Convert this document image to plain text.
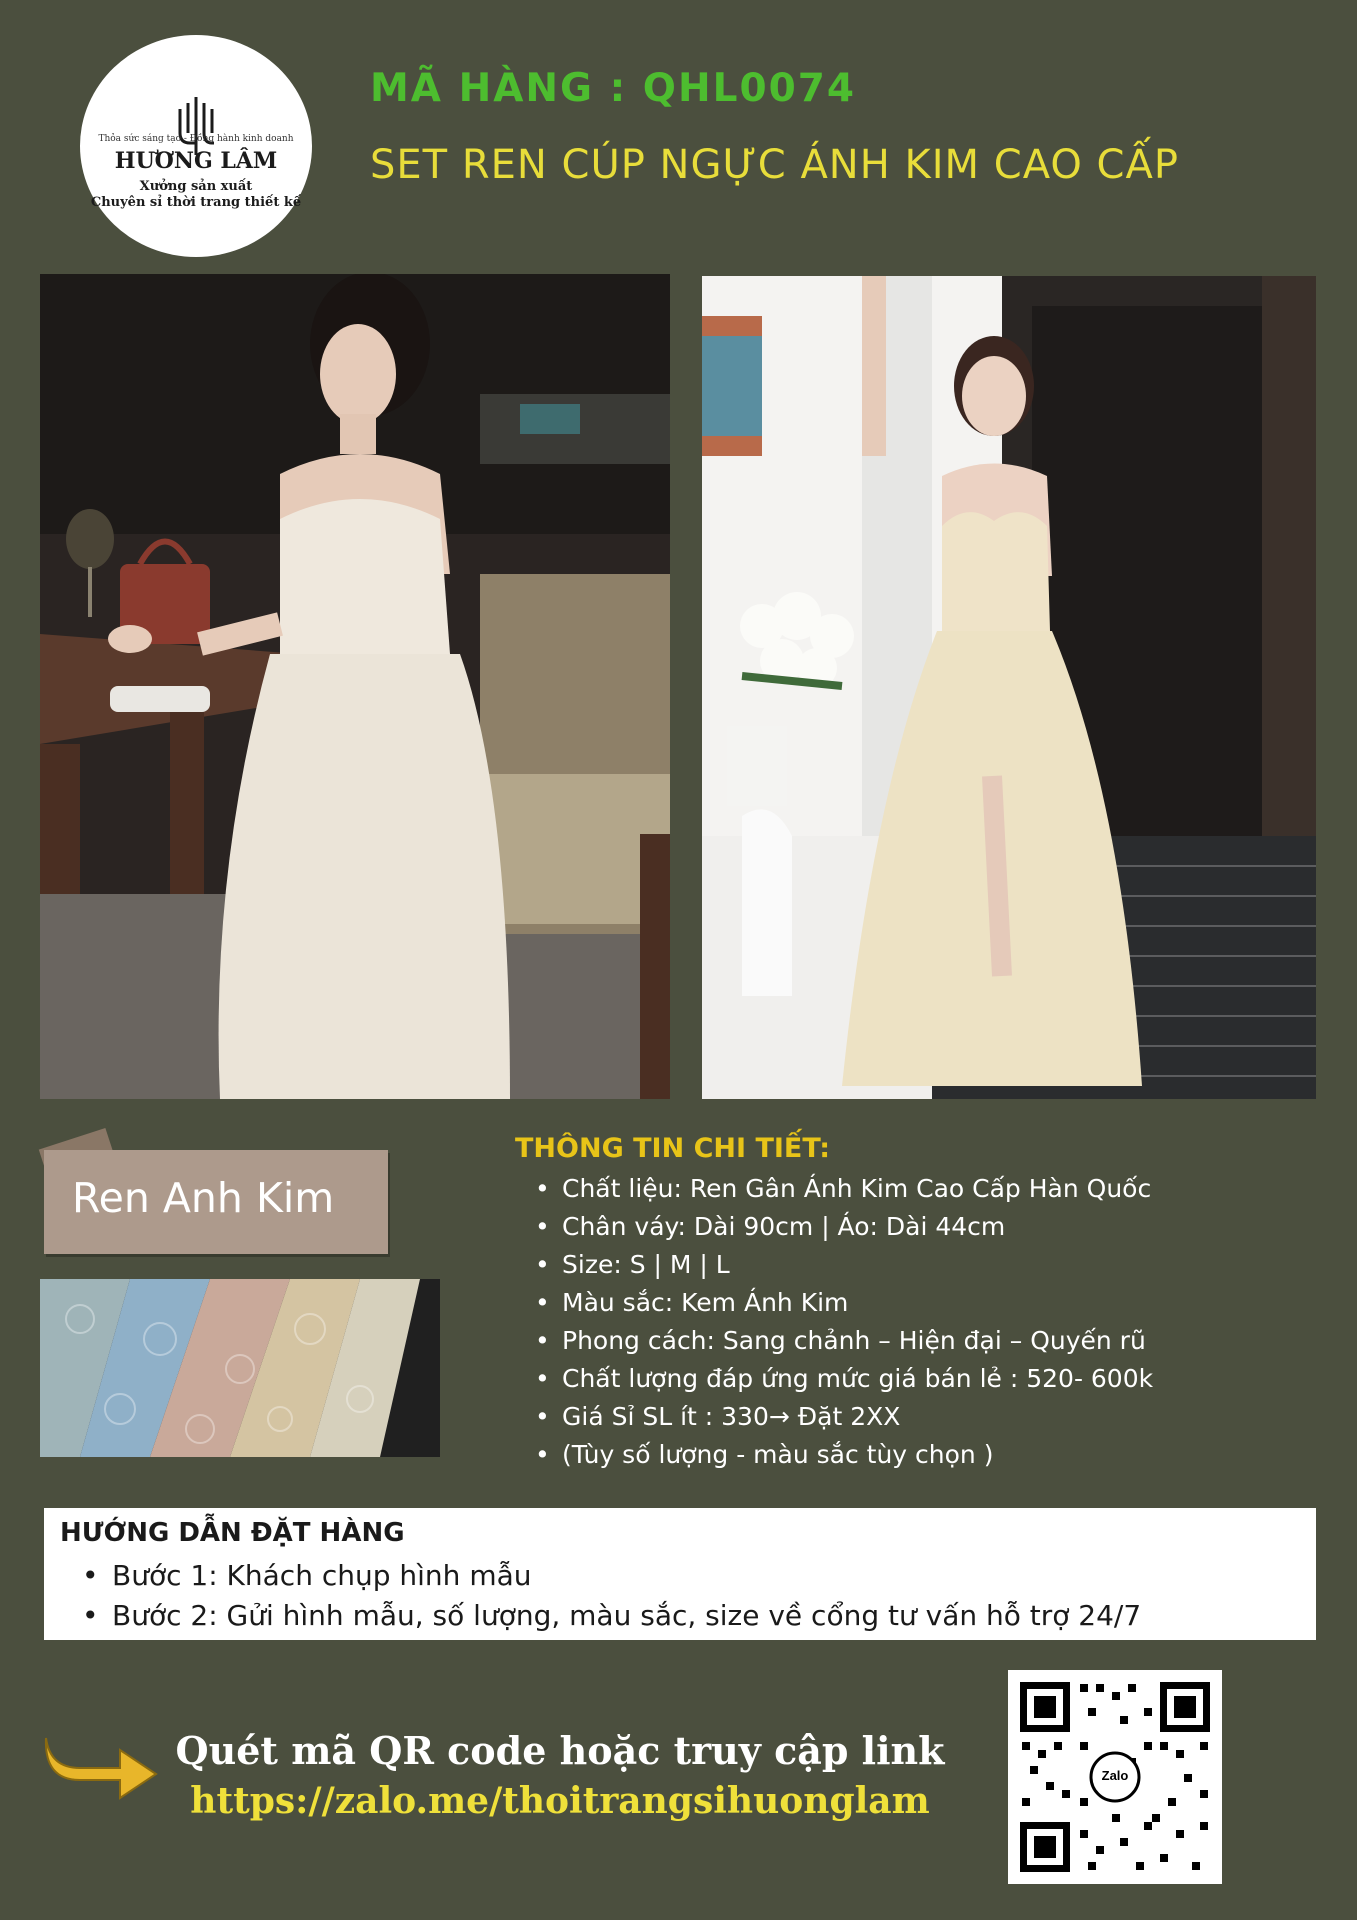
Thỏa sức sáng tạo - Đồng hành kinh doanh
HƯƠNG LÂM
Xưởng sản xuất
Chuyên sỉ thời trang thiết kế
MÃ HÀNG : QHL0074
SET REN CÚP NGỰC ÁNH KIM CAO CẤP
Ren Anh Kim
THÔNG TIN CHI TIẾT:
• Chất liệu: Ren Gân Ánh Kim Cao Cấp Hàn Quốc
• Chân váy: Dài 90cm | Áo: Dài 44cm
• Size: S | M | L
• Màu sắc: Kem Ánh Kim
• Phong cách: Sang chảnh – Hiện đại – Quyến rũ
• Chất lượng đáp ứng mức giá bán lẻ : 520- 600k
• Giá Sỉ SL ít : 330→ Đặt 2XX
• (Tùy số lượng - màu sắc tùy chọn )
HƯỚNG DẪN ĐẶT HÀNG
• Bước 1: Khách chụp hình mẫu
• Bước 2: Gửi hình mẫu, số lượng, màu sắc, size về cổng tư vấn hỗ trợ 24/7
Quét mã QR code hoặc truy cập link
https://zalo.me/thoitrangsihuonglam
Zalo
